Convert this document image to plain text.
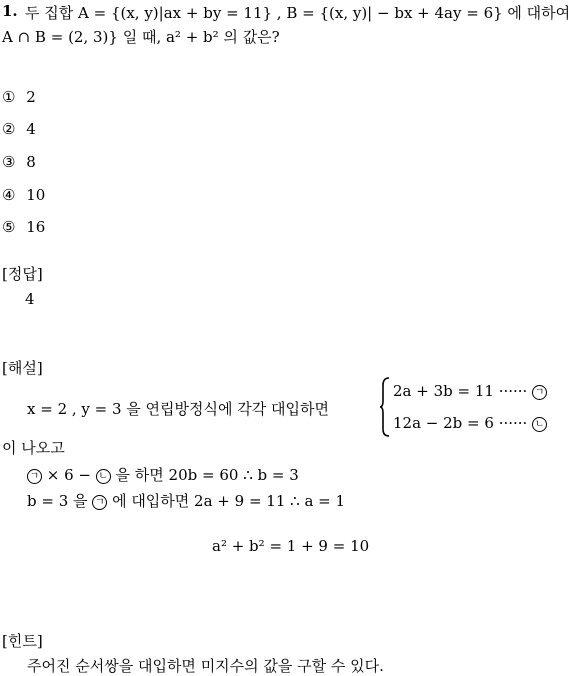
1. 두 집합 A = {(x, y)|ax + by = 11} , B = {(x, y)| − bx + 4ay = 6} 에 대하여
A ∩ B = (2, 3)} 일 때, a² + b² 의 값은?
① 2
② 4
③ 8
④ 10
⑤ 16
[정답]
4
[해설]
x = 2 , y = 3 을 연립방정식에 각각 대입하면
2a + 3b = 11 ······ ㄱ
12a − 2b = 6 ······ ㄴ
이 나오고
ㄱ × 6 − ㄴ 을 하면 20b = 60 ∴ b = 3
b = 3 을 ㄱ 에 대입하면 2a + 9 = 11 ∴ a = 1
a² + b² = 1 + 9 = 10
[힌트]
주어진 순서쌍을 대입하면 미지수의 값을 구할 수 있다.
